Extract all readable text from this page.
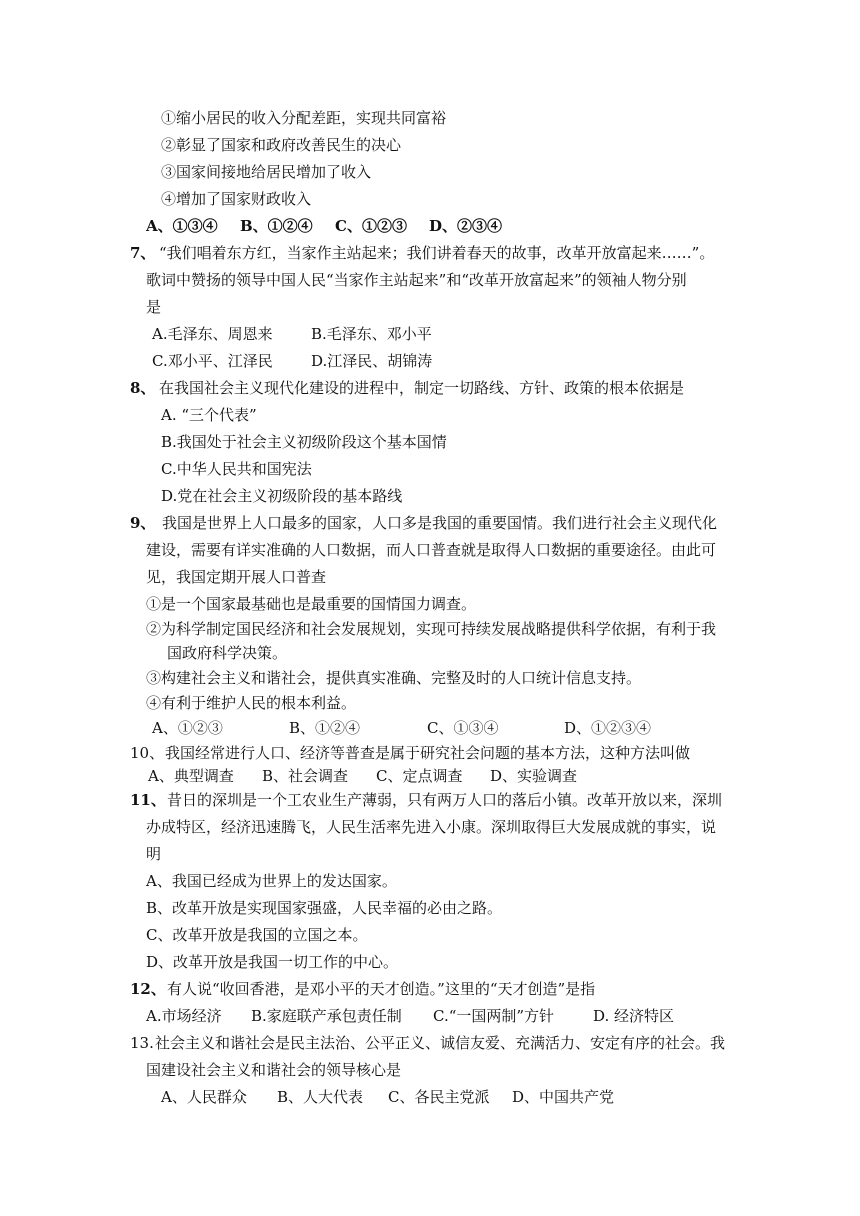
①缩小居民的收入分配差距，实现共同富裕
②彰显了国家和政府改善民生的决心
③国家间接地给居民增加了收入
④增加了国家财政收入
A、①③④ B、①②④ C、①②③ D、②③④
7、 “我们唱着东方红，当家作主站起来；我们讲着春天的故事，改革开放富起来……”。
歌词中赞扬的领导中国人民“当家作主站起来”和“改革开放富起来”的领袖人物分别
是
A.毛泽东、周恩来	B.毛泽东、邓小平
C.邓小平、江泽民	D.江泽民、胡锦涛
8、 在我国社会主义现代化建设的进程中，制定一切路线、方针、政策的根本依据是
A. “三个代表”
B.我国处于社会主义初级阶段这个基本国情
C.中华人民共和国宪法
D.党在社会主义初级阶段的基本路线
9、 我国是世界上人口最多的国家，人口多是我国的重要国情。我们进行社会主义现代化
建设，需要有详实准确的人口数据，而人口普查就是取得人口数据的重要途径。由此可
见，我国定期开展人口普查
①是一个国家最基础也是最重要的国情国力调查。
②为科学制定国民经济和社会发展规划，实现可持续发展战略提供科学依据，有利于我
国政府科学决策。
③构建社会主义和谐社会，提供真实准确、完整及时的人口统计信息支持。
④有利于维护人民的根本利益。
A、①②③	B、①②④	C、①③④	D、①②③④
10、 我国经常进行人口、经济等普查是属于研究社会问题的基本方法，这种方法叫做
A、典型调查 B、社会调查 C、定点调查 D、实验调查
11、 昔日的深圳是一个工农业生产薄弱，只有两万人口的落后小镇。改革开放以来，深圳
办成特区，经济迅速腾飞，人民生活率先进入小康。深圳取得巨大发展成就的事实，说
明
A、我国已经成为世界上的发达国家。
B、改革开放是实现国家强盛，人民幸福的必由之路。
C、改革开放是我国的立国之本。
D、改革开放是我国一切工作的中心。
12、 有人说“收回香港，是邓小平的天才创造。”这里的“天才创造”是指
A.市场经济 B.家庭联产承包责任制 C.“一国两制”方针	D. 经济特区
13. 社会主义和谐社会是民主法治、公平正义、诚信友爱、充满活力、安定有序的社会。我
国建设社会主义和谐社会的领导核心是
A、人民群众 B、人大代表 C、各民主党派 D、中国共产党
